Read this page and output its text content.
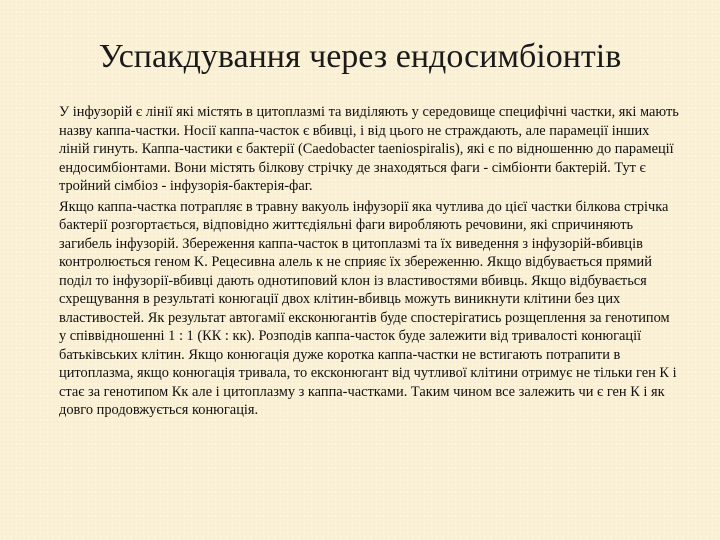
Успакдування через ендосимбіонтів

У інфузорій є лінії які містять в цитоплазмі та виділяють у середовище специфічні частки, які мають назву каппа-частки. Носії каппа-часток є вбивці, і від цього не страждають, але парамеції інших ліній гинуть. Каппа-частики є бактерії (Caedobacter taeniospiralis), які є по відношенню до парамеції ендосимбіонтами. Вони містять білкову стрічку де знаходяться фаги - сімбіонти бактерій. Тут є тройний сімбіоз - інфузорія-бактерія-фаг.

Якщо каппа-частка потрапляє в травну вакуоль інфузорії яка чутлива до цієї частки білкова стрічка бактерії розгортається, відповідно життєдіяльні фаги виробляють речовини, які спричиняють загибель інфузорій. Збереження каппа-часток в цитоплазмі та їх виведення з інфузорій-вбивців контролюється геном K. Рецесивна алель к не сприяє їх збереженню. Якщо відбувається прямий поділ то інфузорії-вбивці дають однотиповий клон із властивостями вбивць. Якщо відбувається схрещування в результаті конюгації двох клітин-вбивць можуть виникнути клітини без цих властивостей. Як результат автогамії ексконюгантів буде спостерігатись розщеплення за генотипом у співвідношенні 1 : 1 (КК : кк). Розподів каппа-часток буде залежити від тривалості конюгації батьківських клітин. Якщо конюгація дуже коротка каппа-частки не встигають потрапити в цитоплазма, якщо конюгація тривала, то ексконюгант від чутливої клітини отримує не тільки ген К і стає за генотипом Кк але і цитоплазму з каппа-частками. Таким чином все залежить чи є ген К і як довго продовжується конюгація.
